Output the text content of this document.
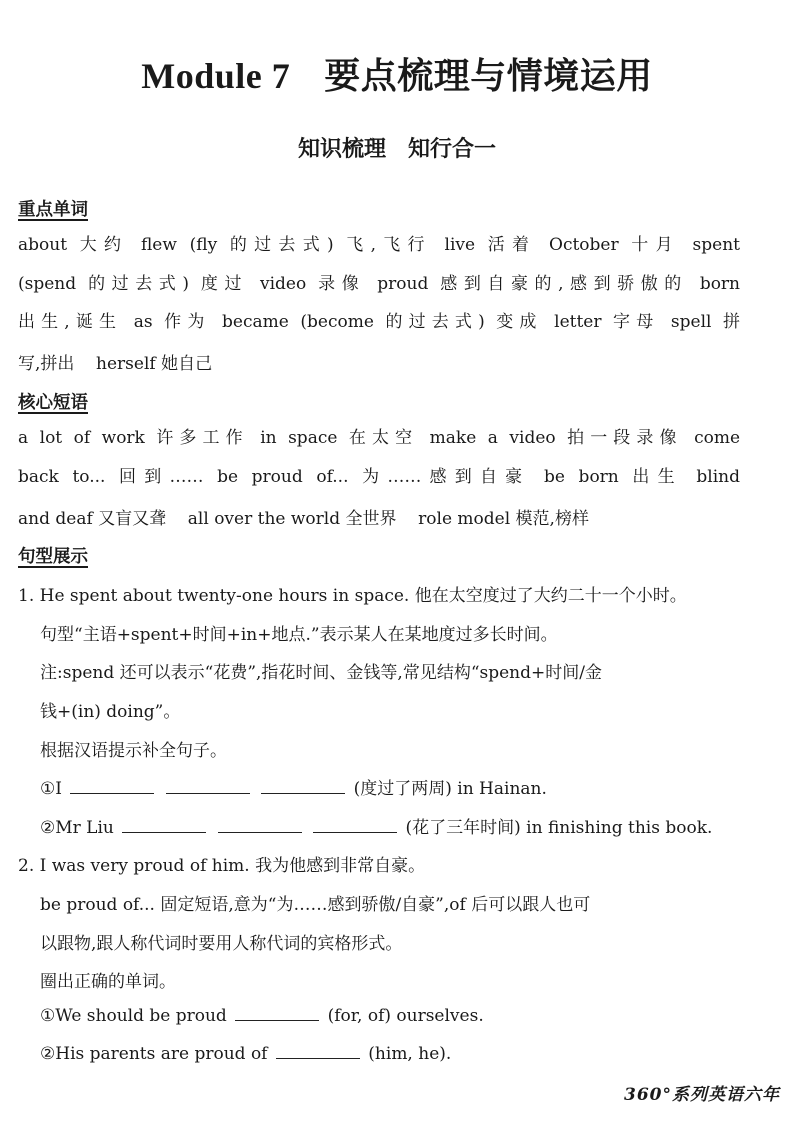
Module 7 要点梳理与情境运用
知识梳理 知行合一
重点单词
about 大约 flew (fly 的过去式) 飞,飞行 live 活着 October 十月 spent
(spend 的过去式) 度过 video 录像 proud 感到自豪的,感到骄傲的 born
出生,诞生 as 作为 became (become 的过去式) 变成 letter 字母 spell 拼
写,拼出 herself 她自己
核心短语
a lot of work 许多工作 in space 在太空 make a video 拍一段录像 come
back to... 回到…… be proud of... 为……感到自豪 be born 出生 blind
and deaf 又盲又聋 all over the world 全世界 role model 模范,榜样
句型展示
1. He spent about twenty-one hours in space. 他在太空度过了大约二十一个小时。
句型“主语+spent+时间+in+地点.”表示某人在某地度过多长时间。
注:spend 还可以表示“花费”,指花时间、金钱等,常见结构“spend+时间/金
钱+(in) doing”。
根据汉语提示补全句子。
①I	(度过了两周) in Hainan.
②Mr Liu	(花了三年时间) in finishing this book.
2. I was very proud of him. 我为他感到非常自豪。
be proud of... 固定短语,意为“为……感到骄傲/自豪”,of 后可以跟人也可
以跟物,跟人称代词时要用人称代词的宾格形式。
圈出正确的单词。
①We should be proud	(for, of) ourselves.
②His parents are proud of	(him, he).
360°系列英语六年
